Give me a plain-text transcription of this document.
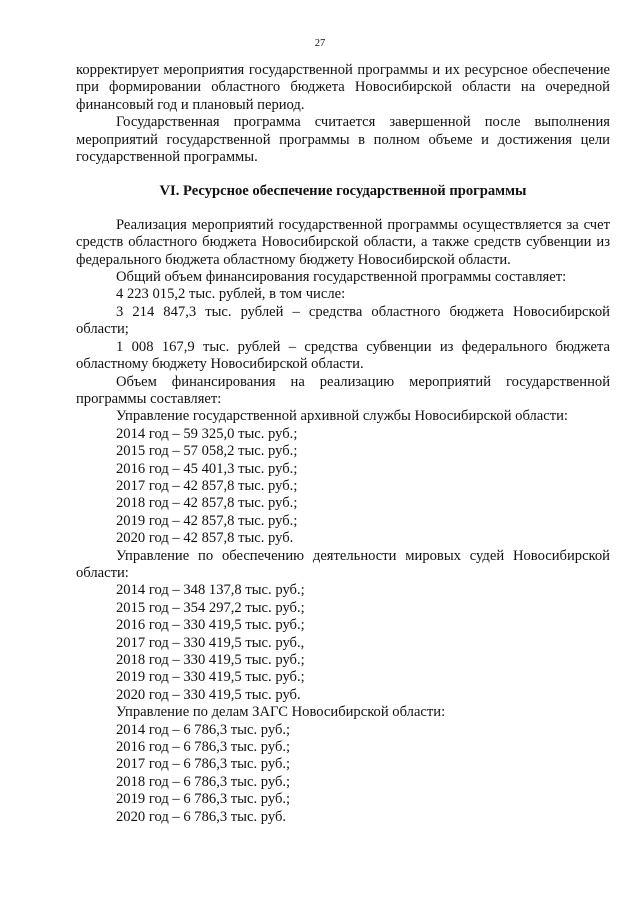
27

корректирует мероприятия государственной программы и их ресурсное обеспечение при формировании областного бюджета Новосибирской области на очередной финансовый год и плановый период.

Государственная программа считается завершенной после выполнения мероприятий государственной программы в полном объеме и достижения цели государственной программы.

VI. Ресурсное обеспечение государственной программы

Реализация мероприятий государственной программы осуществляется за счет средств областного бюджета Новосибирской области, а также средств субвенции из федерального бюджета областному бюджету Новосибирской области.

Общий объем финансирования государственной программы составляет:

4 223 015,2 тыс. рублей, в том числе:

3 214 847,3 тыс. рублей – средства областного бюджета Новосибирской области;

1 008 167,9 тыс. рублей – средства субвенции из федерального бюджета областному бюджету Новосибирской области.

Объем финансирования на реализацию мероприятий государственной программы составляет:

Управление государственной архивной службы Новосибирской области:

2014 год – 59 325,0 тыс. руб.;
2015 год – 57 058,2 тыс. руб.;
2016 год – 45 401,3 тыс. руб.;
2017 год – 42 857,8 тыс. руб.;
2018 год – 42 857,8 тыс. руб.;
2019 год – 42 857,8 тыс. руб.;
2020 год – 42 857,8 тыс. руб.

Управление по обеспечению деятельности мировых судей Новосибирской области:

2014 год – 348 137,8 тыс. руб.;
2015 год – 354 297,2 тыс. руб.;
2016 год – 330 419,5 тыс. руб.;
2017 год – 330 419,5 тыс. руб.,
2018 год – 330 419,5 тыс. руб.;
2019 год – 330 419,5 тыс. руб.;
2020 год – 330 419,5 тыс. руб.

Управление по делам ЗАГС Новосибирской области:

2014 год – 6 786,3 тыс. руб.;
2016 год – 6 786,3 тыс. руб.;
2017 год – 6 786,3 тыс. руб.;
2018 год – 6 786,3 тыс. руб.;
2019 год – 6 786,3 тыс. руб.;
2020 год – 6 786,3 тыс. руб.
